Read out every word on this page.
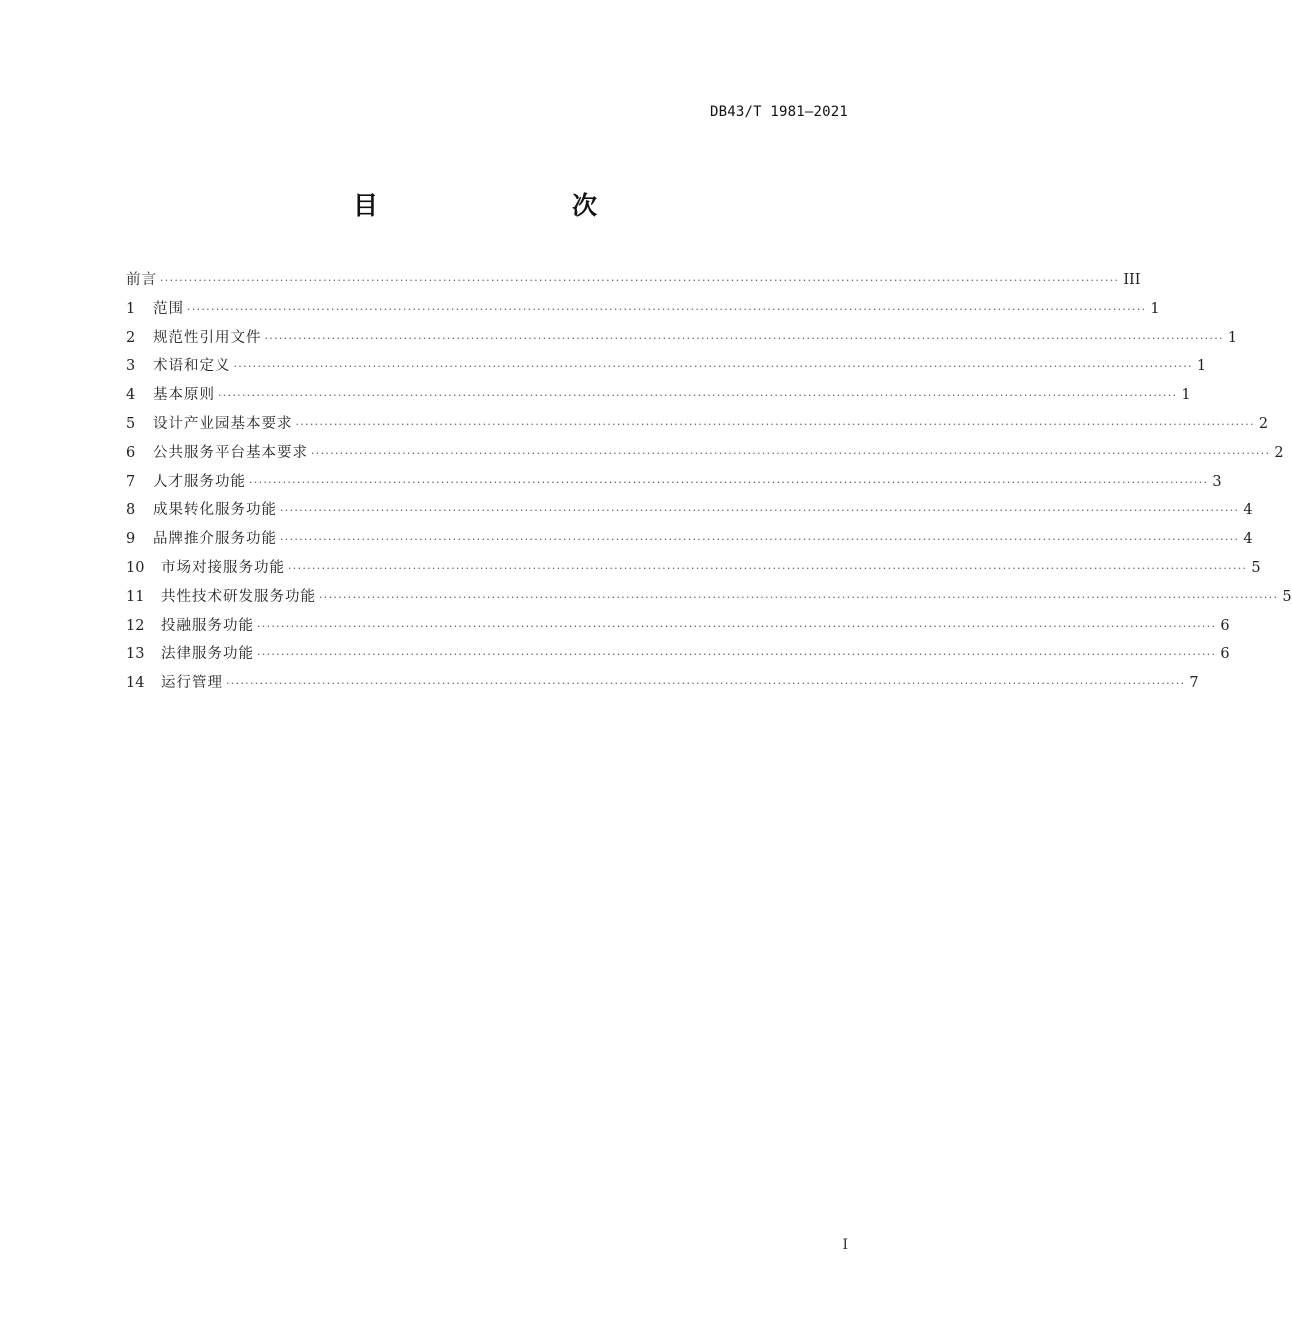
DB43/T 1981—2021
目　　次
前言 ········································································································································································································ III
1	范围 ········································································································································································································ 1
2	规范性引用文件 ········································································································································································································ 1
3	术语和定义 ········································································································································································································ 1
4	基本原则 ········································································································································································································ 1
5	设计产业园基本要求 ········································································································································································································ 2
6	公共服务平台基本要求 ········································································································································································································ 2
7	人才服务功能 ········································································································································································································ 3
8	成果转化服务功能 ········································································································································································································ 4
9	品牌推介服务功能 ········································································································································································································ 4
10	市场对接服务功能 ········································································································································································································ 5
11	共性技术研发服务功能 ········································································································································································································ 5
12	投融服务功能 ········································································································································································································ 6
13	法律服务功能 ········································································································································································································ 6
14	运行管理 ········································································································································································································ 7
I
